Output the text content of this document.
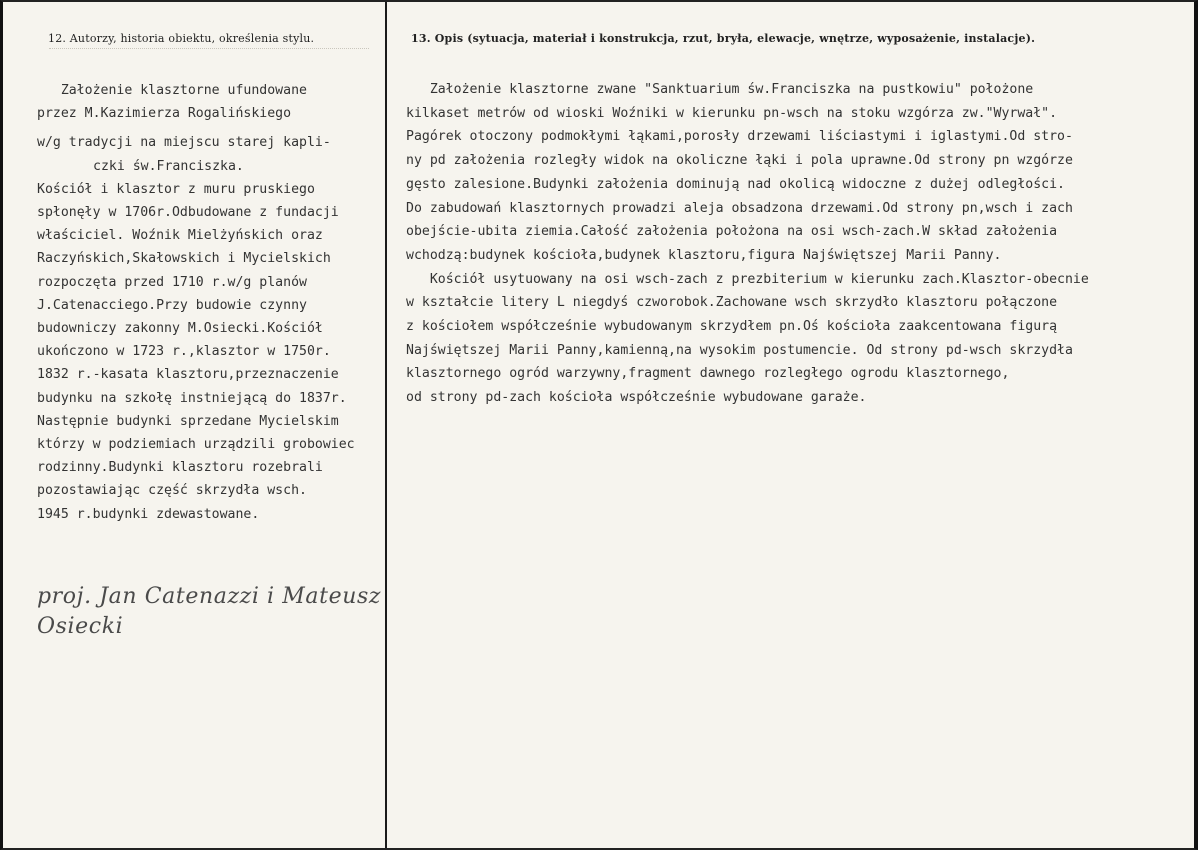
12. Autorzy, historia obiektu, określenia stylu.	13. Opis (sytuacja, materiał i konstrukcja, rzut, bryła, elewacje, wnętrze, wyposażenie, instalacje).
Założenie klasztorne ufundowane
przez M.Kazimierza Rogalińskiego
w/g tradycji na miejscu starej kapli-
czki św.Franciszka.
Kościół i klasztor z muru pruskiego
spłonęły w 1706r.Odbudowane z fundacji
właściciel. Woźnik Mielżyńskich oraz
Raczyńskich,Skałowskich i Mycielskich
rozpoczęta przed 1710 r.w/g planów
J.Catenacciego.Przy budowie czynny
budowniczy zakonny M.Osiecki.Kościół
ukończono w 1723 r.,klasztor w 1750r.
1832 r.-kasata klasztoru,przeznaczenie
budynku na szkołę instniejącą do 1837r.
Następnie budynki sprzedane Mycielskim
którzy w podziemiach urządzili grobowiec
rodzinny.Budynki klasztoru rozebrali
pozostawiając część skrzydła wsch.
1945 r.budynki zdewastowane.
proj. Jan Catenazzi i Mateusz
Osiecki
Założenie klasztorne zwane "Sanktuarium św.Franciszka na pustkowiu" położone
kilkaset metrów od wioski Woźniki w kierunku pn-wsch na stoku wzgórza zw."Wyrwał".
Pagórek otoczony podmokłymi łąkami,porosły drzewami liściastymi i iglastymi.Od stro-
ny pd założenia rozległy widok na okoliczne łąki i pola uprawne.Od strony pn wzgórze
gęsto zalesione.Budynki założenia dominują nad okolicą widoczne z dużej odległości.
Do zabudowań klasztornych prowadzi aleja obsadzona drzewami.Od strony pn,wsch i zach
obejście-ubita ziemia.Całość założenia położona na osi wsch-zach.W skład założenia
wchodzą:budynek kościoła,budynek klasztoru,figura Najświętszej Marii Panny.
Kościół usytuowany na osi wsch-zach z prezbiterium w kierunku zach.Klasztor-obecnie
w kształcie litery L niegdyś czworobok.Zachowane wsch skrzydło klasztoru połączone
z kościołem współcześnie wybudowanym skrzydłem pn.Oś kościoła zaakcentowana figurą
Najświętszej Marii Panny,kamienną,na wysokim postumencie. Od strony pd-wsch skrzydła
klasztornego ogród warzywny,fragment dawnego rozległego ogrodu klasztornego,
od strony pd-zach kościoła współcześnie wybudowane garaże.
